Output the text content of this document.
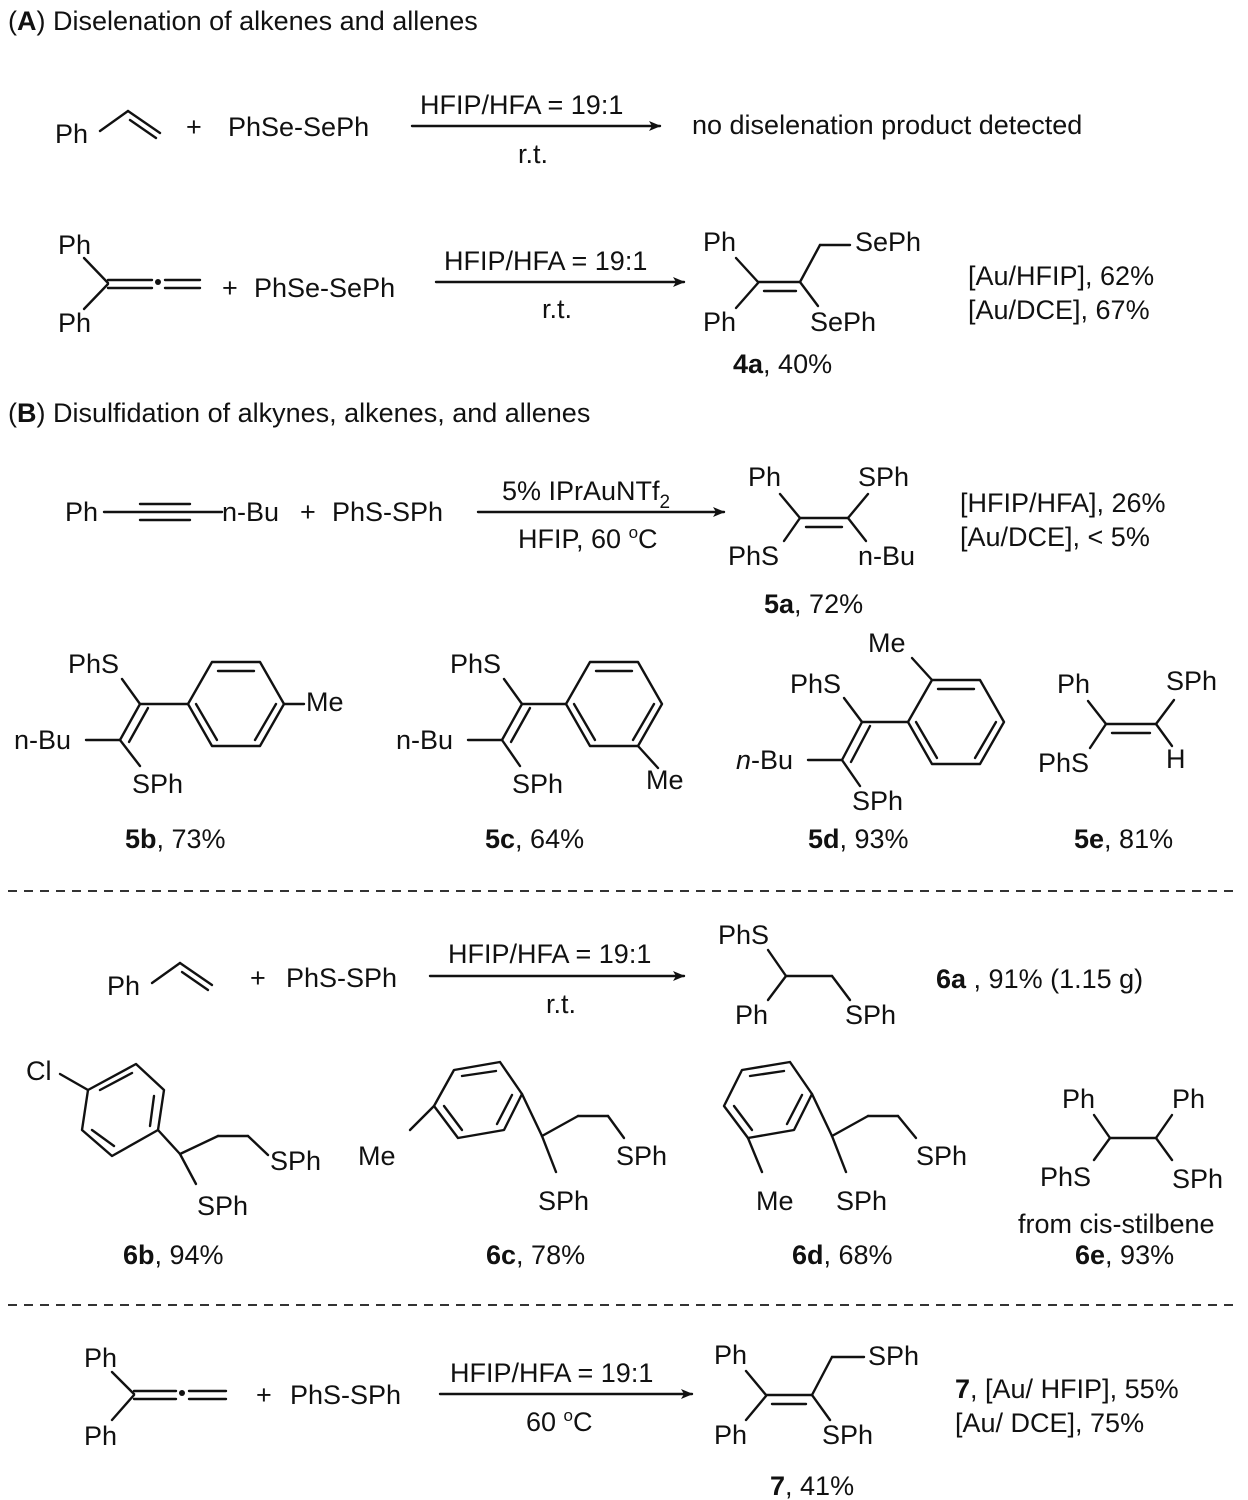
(A) Diselenation of alkenes and allenes
Ph	+ PhSe-SePh
HFIP/HFA = 19:1
r.t.
no diselenation product detected
Ph
Ph
+ PhSe-SePh
HFIP/HFA = 19:1
r.t.
Ph
Ph
SePh
SePh
4a, 40%
[Au/HFIP], 62%
[Au/DCE], 67%
(B) Disulfidation of alkynes, alkenes, and allenes
Ph	n-Bu + PhS-SPh
5% IPrAuNTf$_2$
HFIP, 60 $^o$C
Ph	SPh
PhS	n-Bu
5a, 72%
[HFIP/HFA], 26%
[Au/DCE], < 5%
PhS
n-Bu
SPh
Me
5b, 73%
PhS
n-Bu
SPh	Me
5c, 64%
Me
PhS
n-Bu
SPh
5d, 93%
Ph	SPh
PhS	H
5e, 81%
Ph	+ PhS-SPh
HFIP/HFA = 19:1
r.t.
PhS
Ph	SPh
6a , 91% (1.15 g)
Cl
SPh
SPh
6b, 94%
Me	SPh
SPh
6c, 78%
Me
SPh
SPh
6d, 68%
Ph	Ph
PhS	SPh
from cis-stilbene
6e, 93%
Ph
Ph
+ PhS-SPh
HFIP/HFA = 19:1
60 $^o$C
Ph
Ph
SPh
SPh
7, 41%
7, [Au/ HFIP], 55%
[Au/ DCE], 75%
